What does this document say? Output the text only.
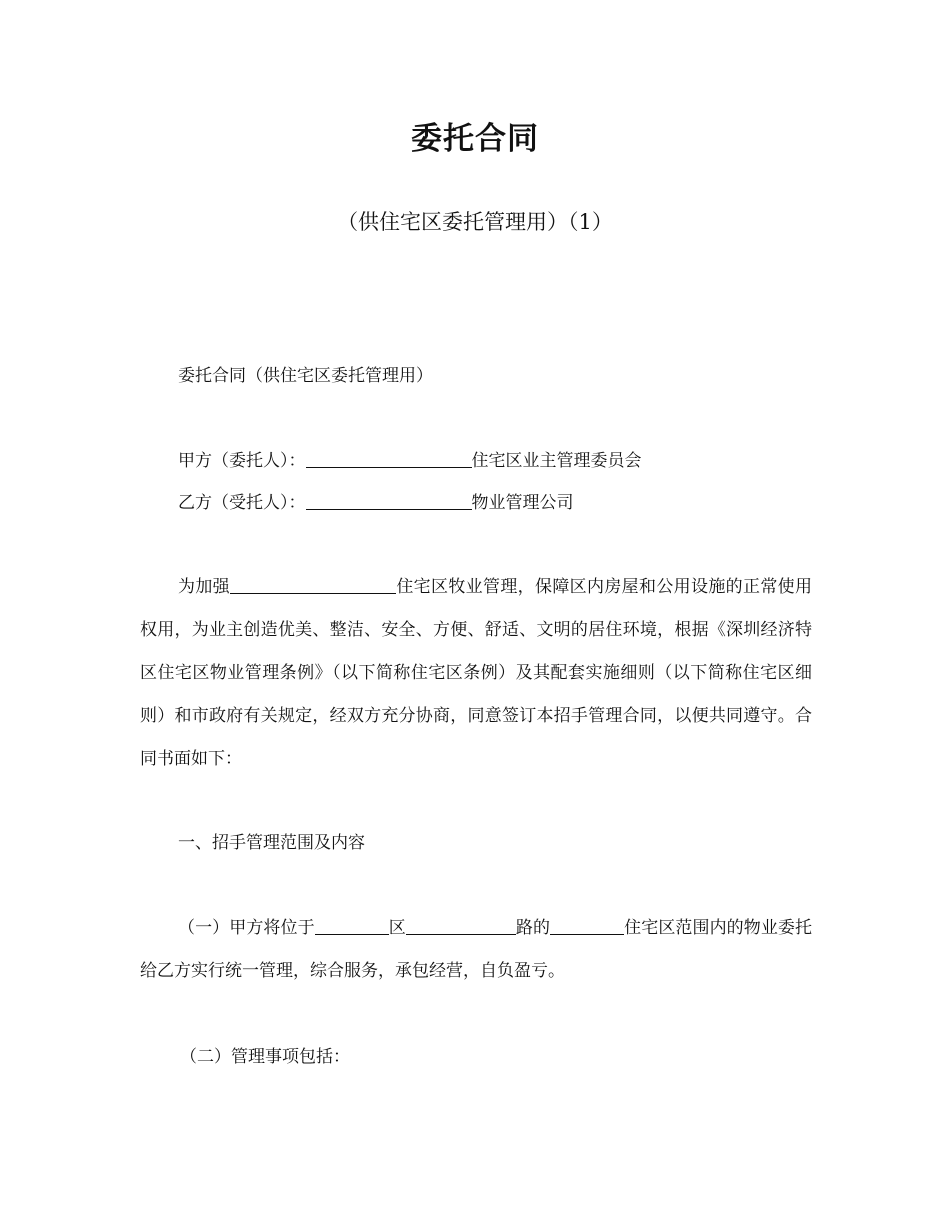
委托合同
（供住宅区委托管理用）（1）
委托合同（供住宅区委托管理用）
甲方（委托人）：	住宅区业主管理委员会
乙方（受托人）：	物业管理公司
为加强	住宅区牧业管理，保障区内房屋和公用设施的正常使用权用，为业主创造优美、整洁、安全、方便、舒适、文明的居住环境，根据《深圳经济特区住宅区物业管理条例》（以下简称住宅区条例）及其配套实施细则（以下简称住宅区细则）和市政府有关规定，经双方充分协商，同意签订本招手管理合同，以便共同遵守。合同书面如下：
一、招手管理范围及内容
（一）甲方将位于	区	路的	住宅区范围内的物业委托给乙方实行统一管理，综合服务，承包经营，自负盈亏。
（二）管理事项包括：
